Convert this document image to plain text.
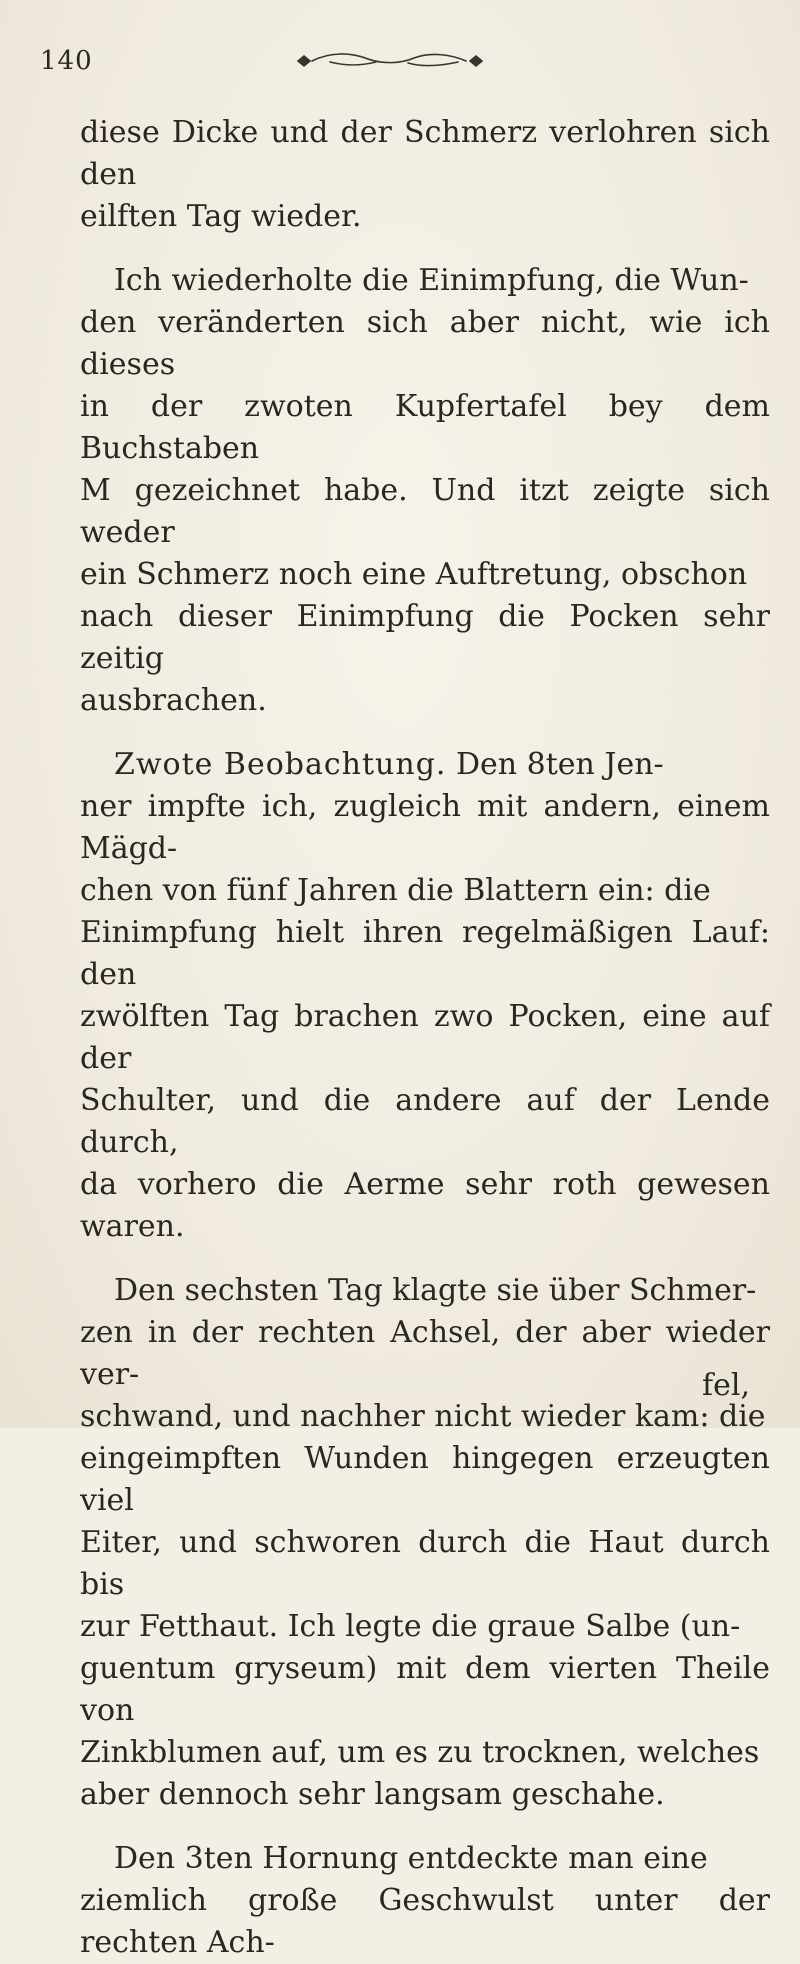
140

diese Dicke und der Schmerz verlohren sich den
eilften Tag wieder.

Ich wiederholte die Einimpfung, die Wun-
den veränderten sich aber nicht, wie ich dieses
in der zwoten Kupfertafel bey dem Buchstaben
M gezeichnet habe. Und itzt zeigte sich weder
ein Schmerz noch eine Auftretung, obschon
nach dieser Einimpfung die Pocken sehr zeitig
ausbrachen.

Zwote Beobachtung. Den 8ten Jen-
ner impfte ich, zugleich mit andern, einem Mägd-
chen von fünf Jahren die Blattern ein: die
Einimpfung hielt ihren regelmäßigen Lauf: den
zwölften Tag brachen zwo Pocken, eine auf der
Schulter, und die andere auf der Lende durch,
da vorhero die Aerme sehr roth gewesen waren.

Den sechsten Tag klagte sie über Schmer-
zen in der rechten Achsel, der aber wieder ver-
schwand, und nachher nicht wieder kam: die
eingeimpften Wunden hingegen erzeugten viel
Eiter, und schworen durch die Haut durch bis
zur Fetthaut. Ich legte die graue Salbe (un-
guentum gryseum) mit dem vierten Theile von
Zinkblumen auf, um es zu trocknen, welches
aber dennoch sehr langsam geschahe.

Den 3ten Hornung entdeckte man eine
ziemlich große Geschwulst unter der rechten Ach-

fel,
